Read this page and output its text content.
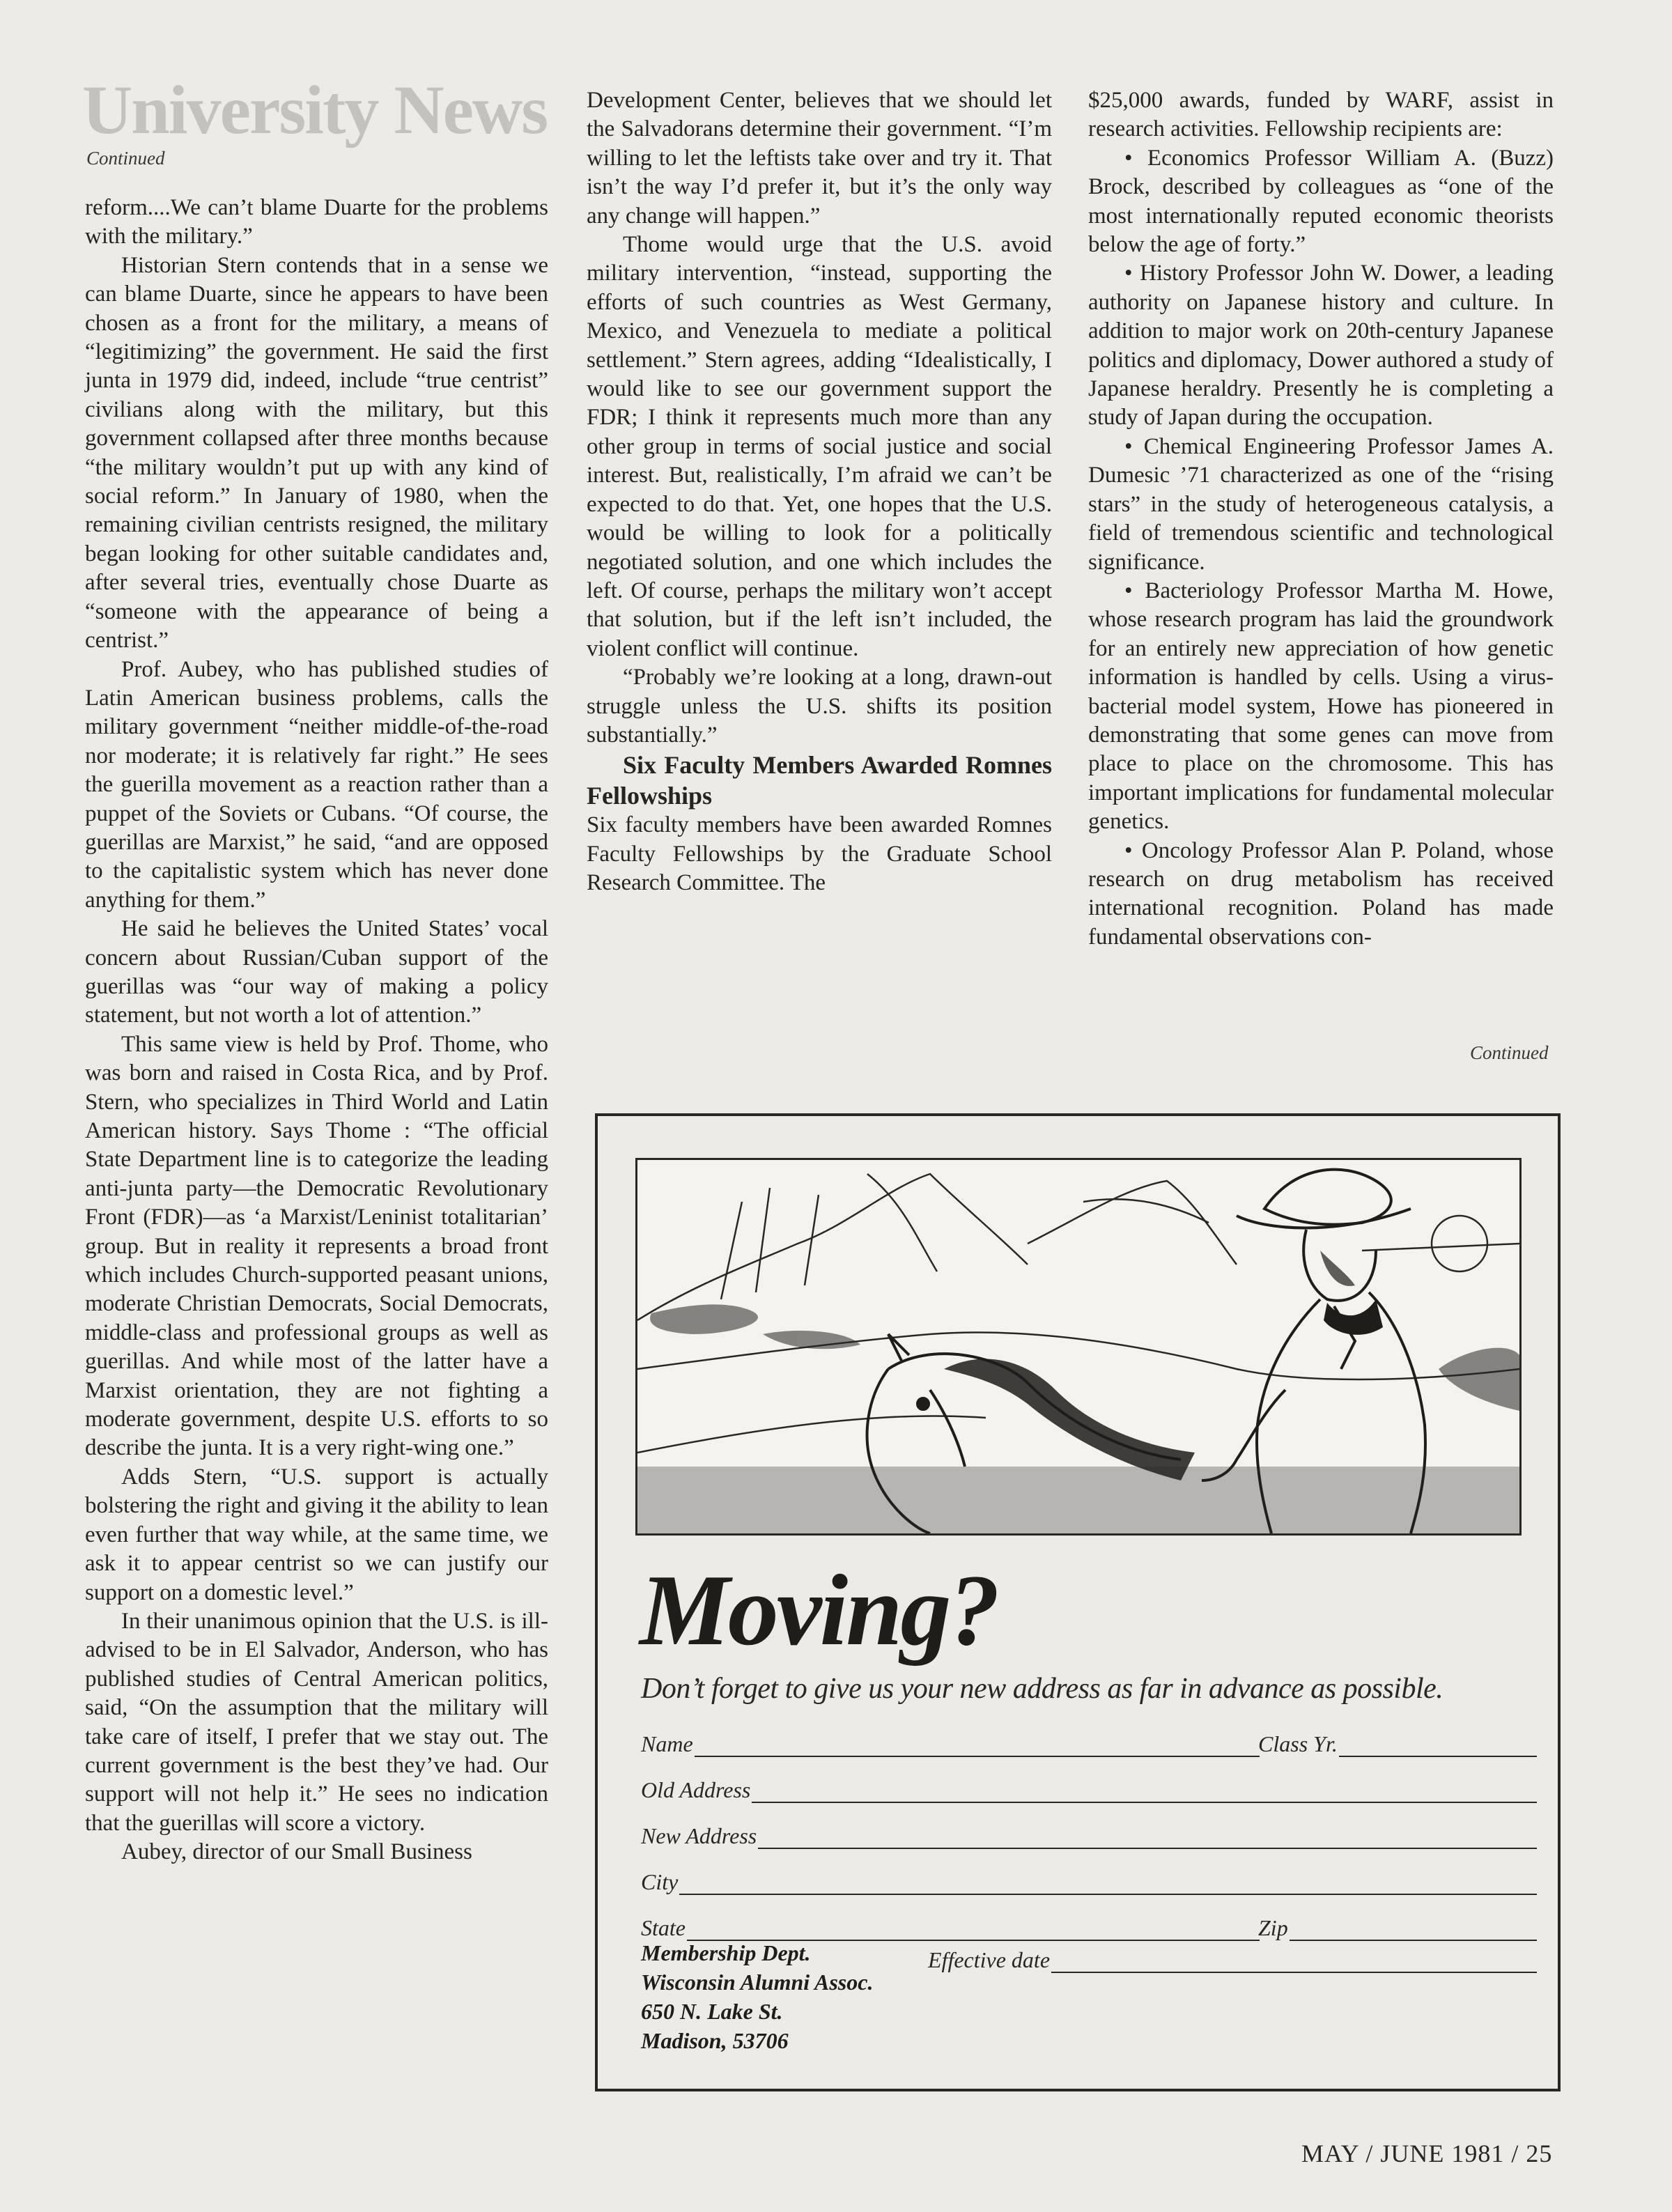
University News
Continued

reform....We can’t blame Duarte for the problems with the military.”

Historian Stern contends that in a sense we can blame Duarte, since he appears to have been chosen as a front for the military, a means of “legitimizing” the government. He said the first junta in 1979 did, indeed, include “true centrist” civilians along with the military, but this government collapsed after three months because “the military wouldn’t put up with any kind of social reform.” In January of 1980, when the remaining civilian centrists resigned, the military began looking for other suitable candidates and, after several tries, eventually chose Duarte as “someone with the appearance of being a centrist.”

Prof. Aubey, who has published studies of Latin American business problems, calls the military government “neither middle-of-the-road nor moderate; it is relatively far right.” He sees the guerilla movement as a reaction rather than a puppet of the Soviets or Cubans. “Of course, the guerillas are Marxist,” he said, “and are opposed to the capitalistic system which has never done anything for them.”

He said he believes the United States’ vocal concern about Russian/Cuban support of the guerillas was “our way of making a policy statement, but not worth a lot of attention.”

This same view is held by Prof. Thome, who was born and raised in Costa Rica, and by Prof. Stern, who specializes in Third World and Latin American history. Says Thome : “The official State Department line is to categorize the leading anti-junta party—the Democratic Revolutionary Front (FDR)—as ‘a Marxist/Leninist totalitarian’ group. But in reality it represents a broad front which includes Church-supported peasant unions, moderate Christian Democrats, Social Democrats, middle-class and professional groups as well as guerillas. And while most of the latter have a Marxist orientation, they are not fighting a moderate government, despite U.S. efforts to so describe the junta. It is a very right-wing one.”

Adds Stern, “U.S. support is actually bolstering the right and giving it the ability to lean even further that way while, at the same time, we ask it to appear centrist so we can justify our support on a domestic level.”

In their unanimous opinion that the U.S. is ill-advised to be in El Salvador, Anderson, who has published studies of Central American politics, said, “On the assumption that the military will take care of itself, I prefer that we stay out. The current government is the best they’ve had. Our support will not help it.” He sees no indication that the guerillas will score a victory.

Aubey, director of our Small Business

Development Center, believes that we should let the Salvadorans determine their government. “I’m willing to let the leftists take over and try it. That isn’t the way I’d prefer it, but it’s the only way any change will happen.”

Thome would urge that the U.S. avoid military intervention, “instead, supporting the efforts of such countries as West Germany, Mexico, and Venezuela to mediate a political settlement.” Stern agrees, adding “Idealistically, I would like to see our government support the FDR; I think it represents much more than any other group in terms of social justice and social interest. But, realistically, I’m afraid we can’t be expected to do that. Yet, one hopes that the U.S. would be willing to look for a politically negotiated solution, and one which includes the left. Of course, perhaps the military won’t accept that solution, but if the left isn’t included, the violent conflict will continue.

“Probably we’re looking at a long, drawn-out struggle unless the U.S. shifts its position substantially.”

Six Faculty Members Awarded Romnes Fellowships

Six faculty members have been awarded Romnes Faculty Fellowships by the Graduate School Research Committee. The

$25,000 awards, funded by WARF, assist in research activities. Fellowship recipients are:

• Economics Professor William A. (Buzz) Brock, described by colleagues as “one of the most internationally reputed economic theorists below the age of forty.”

• History Professor John W. Dower, a leading authority on Japanese history and culture. In addition to major work on 20th-century Japanese politics and diplomacy, Dower authored a study of Japanese heraldry. Presently he is completing a study of Japan during the occupation.

• Chemical Engineering Professor James A. Dumesic ’71 characterized as one of the “rising stars” in the study of heterogeneous catalysis, a field of tremendous scientific and technological significance.

• Bacteriology Professor Martha M. Howe, whose research program has laid the groundwork for an entirely new appreciation of how genetic information is handled by cells. Using a virus-bacterial model system, Howe has pioneered in demonstrating that some genes can move from place to place on the chromosome. This has important implications for fundamental molecular genetics.

• Oncology Professor Alan P. Poland, whose research on drug metabolism has received international recognition. Poland has made fundamental observations con-

Continued
Moving?
Don’t forget to give us your new address as far in advance as possible.
Name	Class Yr.
Old Address
New Address
City
State	Zip
Effective date
Membership Dept.
Wisconsin Alumni Assoc.
650 N. Lake St.
Madison, 53706
MAY / JUNE 1981 / 25
